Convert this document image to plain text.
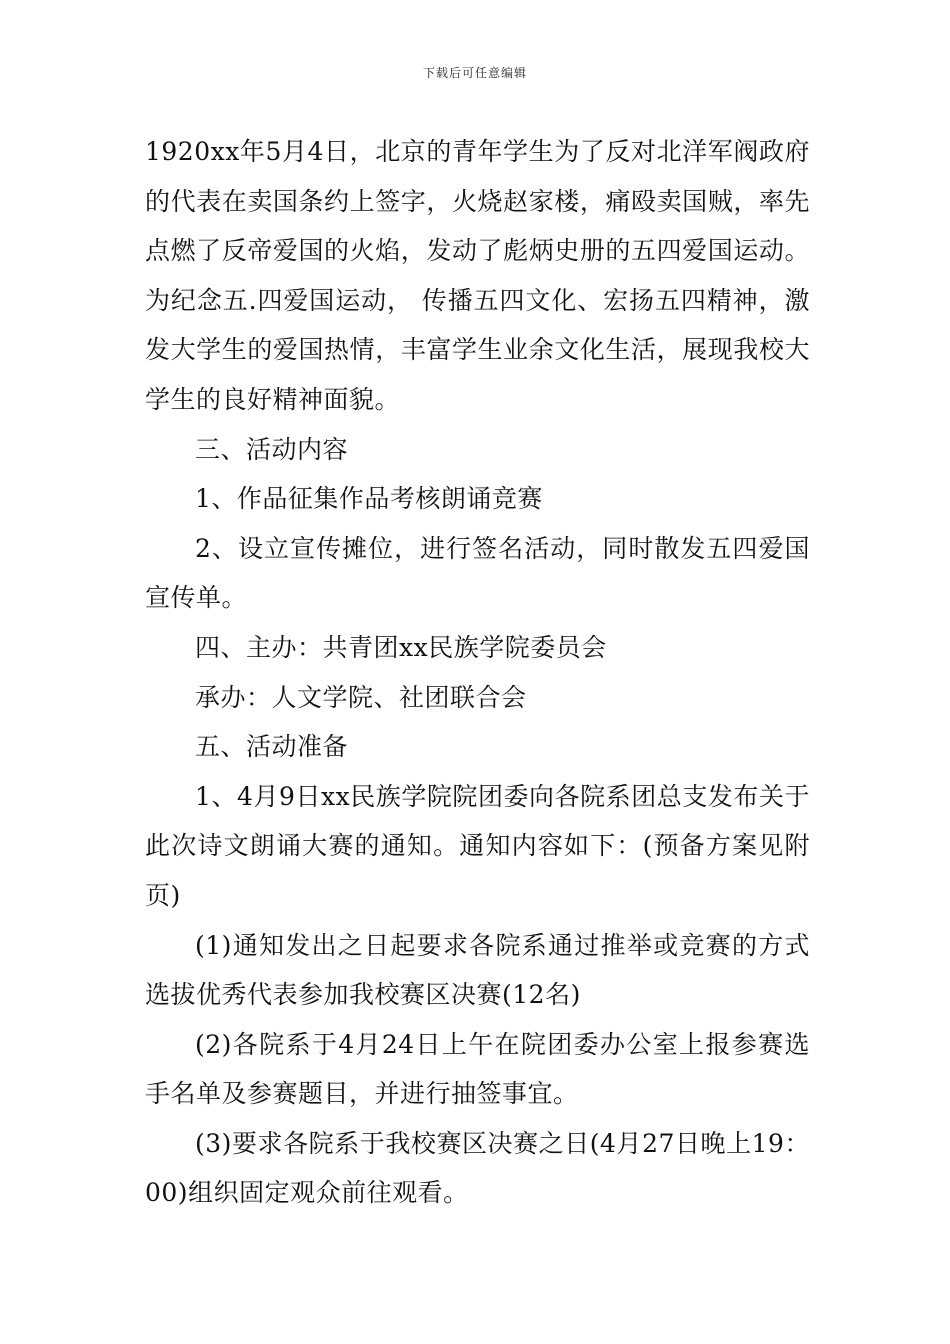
下载后可任意编辑

1920xx年5月4日，北京的青年学生为了反对北洋军阀政府的代表在卖国条约上签字，火烧赵家楼，痛殴卖国贼，率先点燃了反帝爱国的火焰，发动了彪炳史册的五四爱国运动。为纪念五.四爱国运动， 传播五四文化、宏扬五四精神，激发大学生的爱国热情，丰富学生业余文化生活，展现我校大学生的良好精神面貌。

三、活动内容

1、作品征集作品考核朗诵竞赛

2、设立宣传摊位，进行签名活动，同时散发五四爱国宣传单。

四、主办：共青团xx民族学院委员会

承办：人文学院、社团联合会

五、活动准备

1、4月9日xx民族学院院团委向各院系团总支发布关于此次诗文朗诵大赛的通知。通知内容如下：(预备方案见附页)

(1)通知发出之日起要求各院系通过推举或竞赛的方式选拔优秀代表参加我校赛区决赛(12名)

(2)各院系于4月24日上午在院团委办公室上报参赛选手名单及参赛题目，并进行抽签事宜。

(3)要求各院系于我校赛区决赛之日(4月27日晚上19：00)组织固定观众前往观看。
